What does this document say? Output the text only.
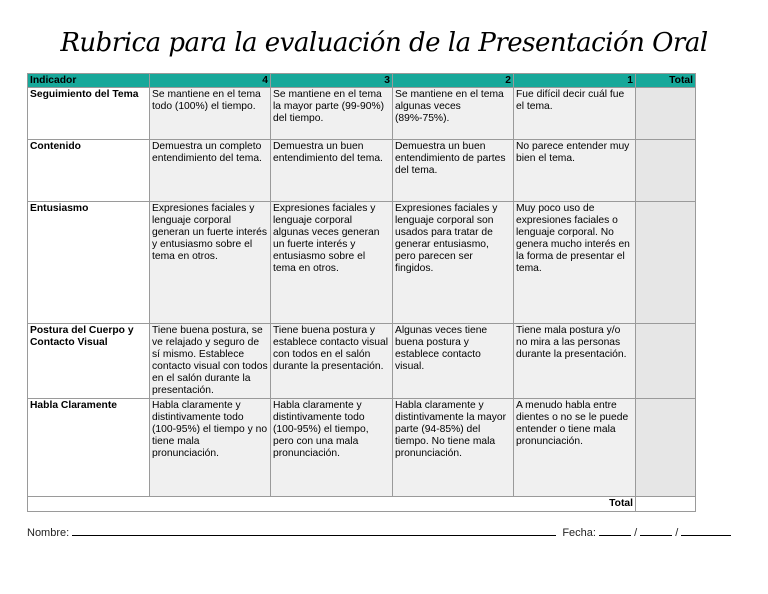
Rubrica para la evaluación de la Presentación Oral
Indicador	4	3	2	1	Total
Seguimiento del Tema	Se mantiene en el tema todo (100%) el tiempo.	Se mantiene en el tema la mayor parte (99-90%) del tiempo.	Se mantiene en el tema algunas veces (89%-75%).	Fue difícil decir cuál fue el tema.	
Contenido	Demuestra un completo entendimiento del tema.	Demuestra un buen entendimiento del tema.	Demuestra un buen entendimiento de partes del tema.	No parece entender muy bien el tema.	
Entusiasmo	Expresiones faciales y lenguaje corporal generan un fuerte interés y entusiasmo sobre el tema en otros.	Expresiones faciales y lenguaje corporal algunas veces generan un fuerte interés y entusiasmo sobre el tema en otros.	Expresiones faciales y lenguaje corporal son usados para tratar de generar entusiasmo, pero parecen ser fingidos.	Muy poco uso de expresiones faciales o lenguaje corporal. No genera mucho interés en la forma de presentar el tema.	
Postura del Cuerpo y Contacto Visual	Tiene buena postura, se ve relajado y seguro de sí mismo. Establece contacto visual con todos en el salón durante la presentación.	Tiene buena postura y establece contacto visual con todos en el salón durante la presentación.	Algunas veces tiene buena postura y establece contacto visual.	Tiene mala postura y/o no mira a las personas durante la presentación.	
Habla Claramente	Habla claramente y distintivamente todo (100-95%) el tiempo y no tiene mala pronunciación.	Habla claramente y distintivamente todo (100-95%) el tiempo, pero con una mala pronunciación.	Habla claramente y distintivamente la mayor parte (94-85%) del tiempo. No tiene mala pronunciación.	A menudo habla entre dientes o no se le puede entender o tiene mala pronunciación.	
Total					
Nombre:	Fecha:	/	/
